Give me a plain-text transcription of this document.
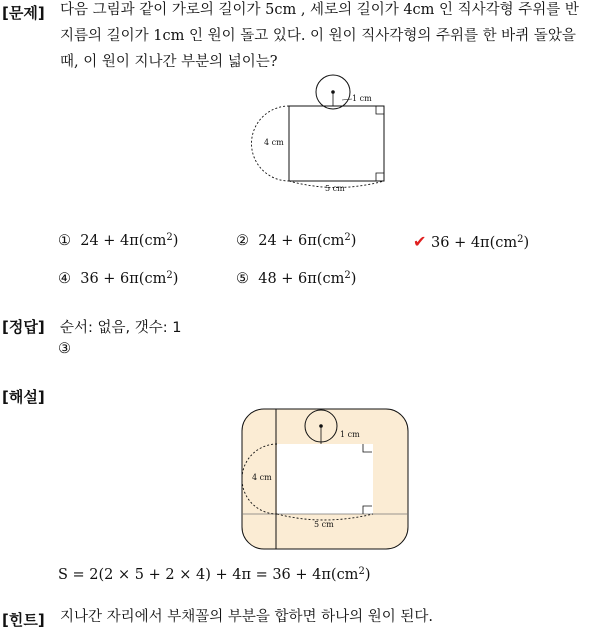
[문제] 다음 그림과 같이 가로의 길이가 5cm , 세로의 길이가 4cm 인 직사각형 주위를 반
지름의 길이가 1cm 인 원이 돌고 있다. 이 원이 직사각형의 주위를 한 바퀴 돌았을
때, 이 원이 지나간 부분의 넓이는?
1 cm
4 cm
5 cm
① $24 + 4\pi(cm^2)$	② $24 + 6\pi(cm^2)$	✔ $36 + 4\pi(cm^2)$
④ $36 + 6\pi(cm^2)$	⑤ $48 + 6\pi(cm^2)$
[정답] 순서: 없음, 갯수: 1
③
[해설]
1 cm
4 cm
5 cm
$S = 2(2 \times 5 + 2 \times 4) + 4\pi = 36 + 4\pi(cm^2)$
[힌트] 지나간 자리에서 부채꼴의 부분을 합하면 하나의 원이 된다.
